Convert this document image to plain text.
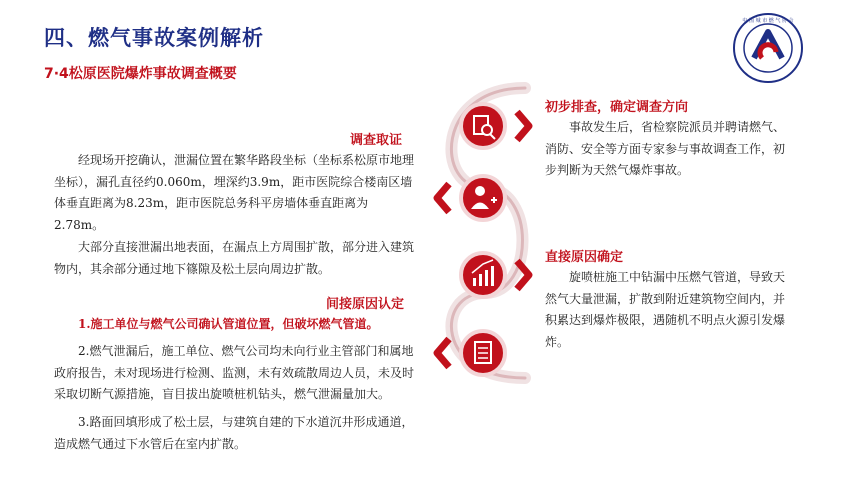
四、燃气事故案例解析
中 国 城 市 燃 气 协 会
7·4松原医院爆炸事故调查概要
调查取证

经现场开挖确认，泄漏位置在繁华路段坐标（坐标系松原市地理坐标），漏孔直径约0.060m，埋深约3.9m，距市医院综合楼南区墙体垂直距离为8.23m，距市医院总务科平房墙体垂直距离为2.78m。

大部分直接泄漏出地表面，在漏点上方周围扩散，部分进入建筑物内，其余部分通过地下篠隙及松土层向周边扩散。

间接原因认定

1.施工单位与燃气公司确认管道位置，但破坏燃气管道。

2.燃气泄漏后，施工单位、燃气公司均未向行业主管部门和属地政府报告，未对现场进行检测、监测，未有效疏散周边人员，未及时采取切断气源措施，盲目拔出旋喷桩机钻头，燃气泄漏量加大。

3.路面回填形成了松土层，与建筑自建的下水道沉井形成通道，造成燃气通过下水管后在室内扩散。

初步排查，确定调查方向

事故发生后，省检察院派员并聘请燃气、消防、安全等方面专家参与事故调查工作，初步判断为天然气爆炸事故。

直接原因确定

旋喷桩施工中钻漏中压燃气管道，导致天然气大量泄漏，扩散到附近建筑物空间内，并积累达到爆炸极限，遇随机不明点火源引发爆炸。
